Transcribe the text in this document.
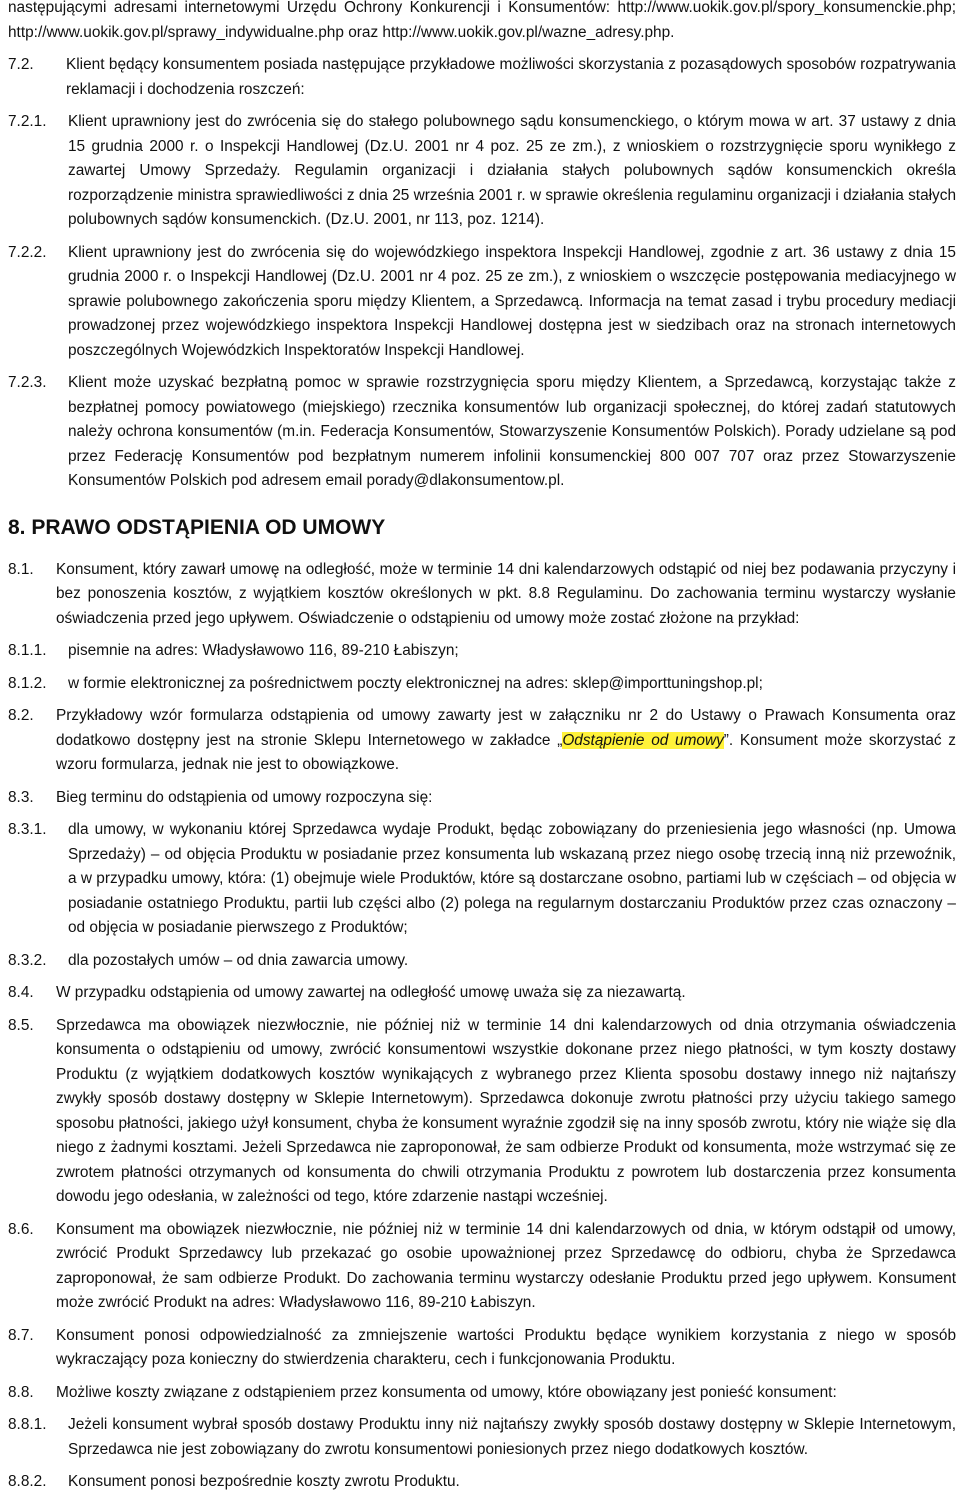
następującymi adresami internetowymi Urzędu Ochrony Konkurencji i Konsumentów: http://www.uokik.gov.pl/spory_konsumenckie.php; http://www.uokik.gov.pl/sprawy_indywidualne.php oraz http://www.uokik.gov.pl/wazne_adresy.php.
7.2.	Klient będący konsumentem posiada następujące przykładowe możliwości skorzystania z pozasądowych sposobów rozpatrywania reklamacji i dochodzenia roszczeń:
7.2.1.	Klient uprawniony jest do zwrócenia się do stałego polubownego sądu konsumenckiego, o którym mowa w art. 37 ustawy z dnia 15 grudnia 2000 r. o Inspekcji Handlowej (Dz.U. 2001 nr 4 poz. 25 ze zm.), z wnioskiem o rozstrzygnięcie sporu wynikłego z zawartej Umowy Sprzedaży. Regulamin organizacji i działania stałych polubownych sądów konsumenckich określa rozporządzenie ministra sprawiedliwości z dnia 25 września 2001 r. w sprawie określenia regulaminu organizacji i działania stałych polubownych sądów konsumenckich. (Dz.U. 2001, nr 113, poz. 1214).
7.2.2.	Klient uprawniony jest do zwrócenia się do wojewódzkiego inspektora Inspekcji Handlowej, zgodnie z art. 36 ustawy z dnia 15 grudnia 2000 r. o Inspekcji Handlowej (Dz.U. 2001 nr 4 poz. 25 ze zm.), z wnioskiem o wszczęcie postępowania mediacyjnego w sprawie polubownego zakończenia sporu między Klientem, a Sprzedawcą. Informacja na temat zasad i trybu procedury mediacji prowadzonej przez wojewódzkiego inspektora Inspekcji Handlowej dostępna jest w siedzibach oraz na stronach internetowych poszczególnych Wojewódzkich Inspektoratów Inspekcji Handlowej.
7.2.3.	Klient może uzyskać bezpłatną pomoc w sprawie rozstrzygnięcia sporu między Klientem, a Sprzedawcą, korzystając także z bezpłatnej pomocy powiatowego (miejskiego) rzecznika konsumentów lub organizacji społecznej, do której zadań statutowych należy ochrona konsumentów (m.in. Federacja Konsumentów, Stowarzyszenie Konsumentów Polskich). Porady udzielane są pod przez Federację Konsumentów pod bezpłatnym numerem infolinii konsumenckiej 800 007 707 oraz przez Stowarzyszenie Konsumentów Polskich pod adresem email porady@dlakonsumentow.pl.
8. PRAWO ODSTĄPIENIA OD UMOWY
8.1.	Konsument, który zawarł umowę na odległość, może w terminie 14 dni kalendarzowych odstąpić od niej bez podawania przyczyny i bez ponoszenia kosztów, z wyjątkiem kosztów określonych w pkt. 8.8 Regulaminu. Do zachowania terminu wystarczy wysłanie oświadczenia przed jego upływem. Oświadczenie o odstąpieniu od umowy może zostać złożone na przykład:
8.1.1.	pisemnie na adres: Władysławowo 116, 89-210 Łabiszyn;
8.1.2.	w formie elektronicznej za pośrednictwem poczty elektronicznej na adres: sklep@importtuningshop.pl;
8.2.	Przykładowy wzór formularza odstąpienia od umowy zawarty jest w załączniku nr 2 do Ustawy o Prawach Konsumenta oraz dodatkowo dostępny jest na stronie Sklepu Internetowego w zakładce „Odstąpienie od umowy”. Konsument może skorzystać z wzoru formularza, jednak nie jest to obowiązkowe.
8.3.	Bieg terminu do odstąpienia od umowy rozpoczyna się:
8.3.1.	dla umowy, w wykonaniu której Sprzedawca wydaje Produkt, będąc zobowiązany do przeniesienia jego własności (np. Umowa Sprzedaży) – od objęcia Produktu w posiadanie przez konsumenta lub wskazaną przez niego osobę trzecią inną niż przewoźnik, a w przypadku umowy, która: (1) obejmuje wiele Produktów, które są dostarczane osobno, partiami lub w częściach – od objęcia w posiadanie ostatniego Produktu, partii lub części albo (2) polega na regularnym dostarczaniu Produktów przez czas oznaczony – od objęcia w posiadanie pierwszego z Produktów;
8.3.2.	dla pozostałych umów – od dnia zawarcia umowy.
8.4.	W przypadku odstąpienia od umowy zawartej na odległość umowę uważa się za niezawartą.
8.5.	Sprzedawca ma obowiązek niezwłocznie, nie później niż w terminie 14 dni kalendarzowych od dnia otrzymania oświadczenia konsumenta o odstąpieniu od umowy, zwrócić konsumentowi wszystkie dokonane przez niego płatności, w tym koszty dostawy Produktu (z wyjątkiem dodatkowych kosztów wynikających z wybranego przez Klienta sposobu dostawy innego niż najtańszy zwykły sposób dostawy dostępny w Sklepie Internetowym). Sprzedawca dokonuje zwrotu płatności przy użyciu takiego samego sposobu płatności, jakiego użył konsument, chyba że konsument wyraźnie zgodził się na inny sposób zwrotu, który nie wiąże się dla niego z żadnymi kosztami. Jeżeli Sprzedawca nie zaproponował, że sam odbierze Produkt od konsumenta, może wstrzymać się ze zwrotem płatności otrzymanych od konsumenta do chwili otrzymania Produktu z powrotem lub dostarczenia przez konsumenta dowodu jego odesłania, w zależności od tego, które zdarzenie nastąpi wcześniej.
8.6.	Konsument ma obowiązek niezwłocznie, nie później niż w terminie 14 dni kalendarzowych od dnia, w którym odstąpił od umowy, zwrócić Produkt Sprzedawcy lub przekazać go osobie upoważnionej przez Sprzedawcę do odbioru, chyba że Sprzedawca zaproponował, że sam odbierze Produkt. Do zachowania terminu wystarczy odesłanie Produktu przed jego upływem. Konsument może zwrócić Produkt na adres: Władysławowo 116, 89-210 Łabiszyn.
8.7.	Konsument ponosi odpowiedzialność za zmniejszenie wartości Produktu będące wynikiem korzystania z niego w sposób wykraczający poza konieczny do stwierdzenia charakteru, cech i funkcjonowania Produktu.
8.8.	Możliwe koszty związane z odstąpieniem przez konsumenta od umowy, które obowiązany jest ponieść konsument:
8.8.1.	Jeżeli konsument wybrał sposób dostawy Produktu inny niż najtańszy zwykły sposób dostawy dostępny w Sklepie Internetowym, Sprzedawca nie jest zobowiązany do zwrotu konsumentowi poniesionych przez niego dodatkowych kosztów.
8.8.2.	Konsument ponosi bezpośrednie koszty zwrotu Produktu.
